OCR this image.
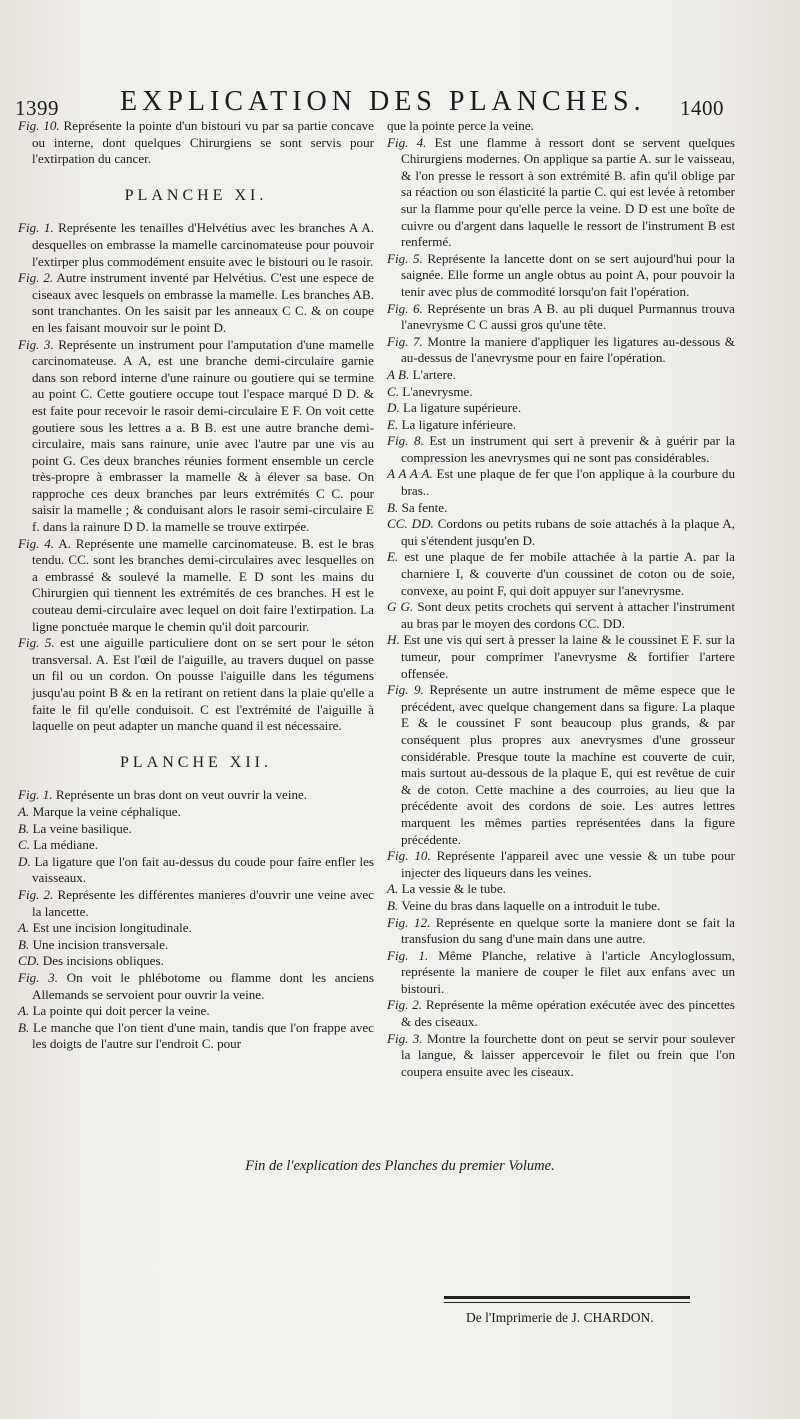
1399 EXPLICATION DES PLANCHES. 1400
Fig. 10. Représente la pointe d'un bistouri vu par sa partie concave ou interne, dont quelques Chirurgiens se sont servis pour l'extirpation du cancer.
PLANCHE XI.
Fig. 1. Représente les tenailles d'Helvétius avec les branches A A. desquelles on embrasse la mamelle carcinomateuse pour pouvoir l'extirper plus commodément ensuite avec le bistouri ou le rasoir.
Fig. 2. Autre instrument inventé par Helvétius. C'est une espece de ciseaux avec lesquels on embrasse la mamelle. Les branches AB. sont tranchantes. On les saisit par les anneaux C C. & on coupe en les faisant mouvoir sur le point D.
Fig. 3. Représente un instrument pour l'amputation d'une mamelle carcinomateuse. A A, est une branche demi-circulaire garnie dans son rebord interne d'une rainure ou goutiere qui se termine au point C. Cette goutiere occupe tout l'espace marqué D D. & est faite pour recevoir le rasoir demi-circulaire E F. On voit cette goutiere sous les lettres a a. B B. est une autre branche demi-circulaire, mais sans rainure, unie avec l'autre par une vis au point G. Ces deux branches réunies forment ensemble un cercle très-propre à embrasser la mamelle & à élever sa base. On rapproche ces deux branches par leurs extrémités C C. pour saisir la mamelle ; & conduisant alors le rasoir semi-circulaire E f. dans la rainure D D. la mamelle se trouve extirpée.
Fig. 4. A. Représente une mamelle carcinomateuse. B. est le bras tendu. CC. sont les branches demi-circulaires avec lesquelles on a embrassé & soulevé la mamelle. E D sont les mains du Chirurgien qui tiennent les extrémités de ces branches. H est le couteau demi-circulaire avec lequel on doit faire l'extirpation. La ligne ponctuée marque le chemin qu'il doit parcourir.
Fig. 5. est une aiguille particuliere dont on se sert pour le séton transversal. A. Est l'œil de l'aiguille, au travers duquel on passe un fil ou un cordon. On pousse l'aiguille dans les tégumens jusqu'au point B & en la retirant on retient dans la plaie qu'elle a faite le fil qu'elle conduisoit. C est l'extrémité de l'aiguille à laquelle on peut adapter un manche quand il est nécessaire.
PLANCHE XII.
Fig. 1. Représente un bras dont on veut ouvrir la veine.
A. Marque la veine céphalique.
B. La veine basilique.
C. La médiane.
D. La ligature que l'on fait au-dessus du coude pour faire enfler les vaisseaux.
Fig. 2. Représente les différentes manieres d'ouvrir une veine avec la lancette.
A. Est une incision longitudinale.
B. Une incision transversale.
CD. Des incisions obliques.
Fig. 3. On voit le phlébotome ou flamme dont les anciens Allemands se servoient pour ouvrir la veine.
A. La pointe qui doit percer la veine.
B. Le manche que l'on tient d'une main, tandis que l'on frappe avec les doigts de l'autre sur l'endroit C. pour
que la pointe perce la veine.
Fig. 4. Est une flamme à ressort dont se servent quelques Chirurgiens modernes. On applique sa partie A. sur le vaisseau, & l'on presse le ressort à son extrémité B. afin qu'il oblige par sa réaction ou son élasticité la partie C. qui est levée à retomber sur la flamme pour qu'elle perce la veine. D D est une boîte de cuivre ou d'argent dans laquelle le ressort de l'instrument B est renfermé.
Fig. 5. Représente la lancette dont on se sert aujourd'hui pour la saignée. Elle forme un angle obtus au point A, pour pouvoir la tenir avec plus de commodité lorsqu'on fait l'opération.
Fig. 6. Représente un bras A B. au pli duquel Purmannus trouva l'anevrysme C C aussi gros qu'une tête.
Fig. 7. Montre la maniere d'appliquer les ligatures au-dessous & au-dessus de l'anevrysme pour en faire l'opération.
A B. L'artere.
C. L'anevrysme.
D. La ligature supérieure.
E. La ligature inférieure.
Fig. 8. Est un instrument qui sert à prevenir & à guérir par la compression les anevrysmes qui ne sont pas considérables.
A A A A. Est une plaque de fer que l'on applique à la courbure du bras..
B. Sa fente.
CC. DD. Cordons ou petits rubans de soie attachés à la plaque A, qui s'étendent jusqu'en D.
E. est une plaque de fer mobile attachée à la partie A. par la charniere I, & couverte d'un coussinet de coton ou de soie, convexe, au point F, qui doit appuyer sur l'anevrysme.
G G. Sont deux petits crochets qui servent à attacher l'instrument au bras par le moyen des cordons CC. DD.
H. Est une vis qui sert à presser la laine & le coussinet E F. sur la tumeur, pour comprimer l'anevrysme & fortifier l'artere offensée.
Fig. 9. Représente un autre instrument de même espece que le précédent, avec quelque changement dans sa figure. La plaque E & le coussinet F sont beaucoup plus grands, & par conséquent plus propres aux anevrysmes d'une grosseur considérable. Presque toute la machine est couverte de cuir, mais surtout au-dessous de la plaque E, qui est revêtue de cuir & de coton. Cette machine a des courroies, au lieu que la précédente avoit des cordons de soie. Les autres lettres marquent les mêmes parties représentées dans la figure précédente.
Fig. 10. Représente l'appareil avec une vessie & un tube pour injecter des liqueurs dans les veines.
A. La vessie & le tube.
B. Veine du bras dans laquelle on a introduit le tube.
Fig. 12. Représente en quelque sorte la maniere dont se fait la transfusion du sang d'une main dans une autre.
Fig. 1. Même Planche, relative à l'article Ancyloglossum, représente la maniere de couper le filet aux enfans avec un bistouri.
Fig. 2. Représente la même opération exécutée avec des pincettes & des ciseaux.
Fig. 3. Montre la fourchette dont on peut se servir pour soulever la langue, & laisser appercevoir le filet ou frein que l'on coupera ensuite avec les ciseaux.
Fin de l'explication des Planches du premier Volume.
De l'Imprimerie de J. CHARDON.
